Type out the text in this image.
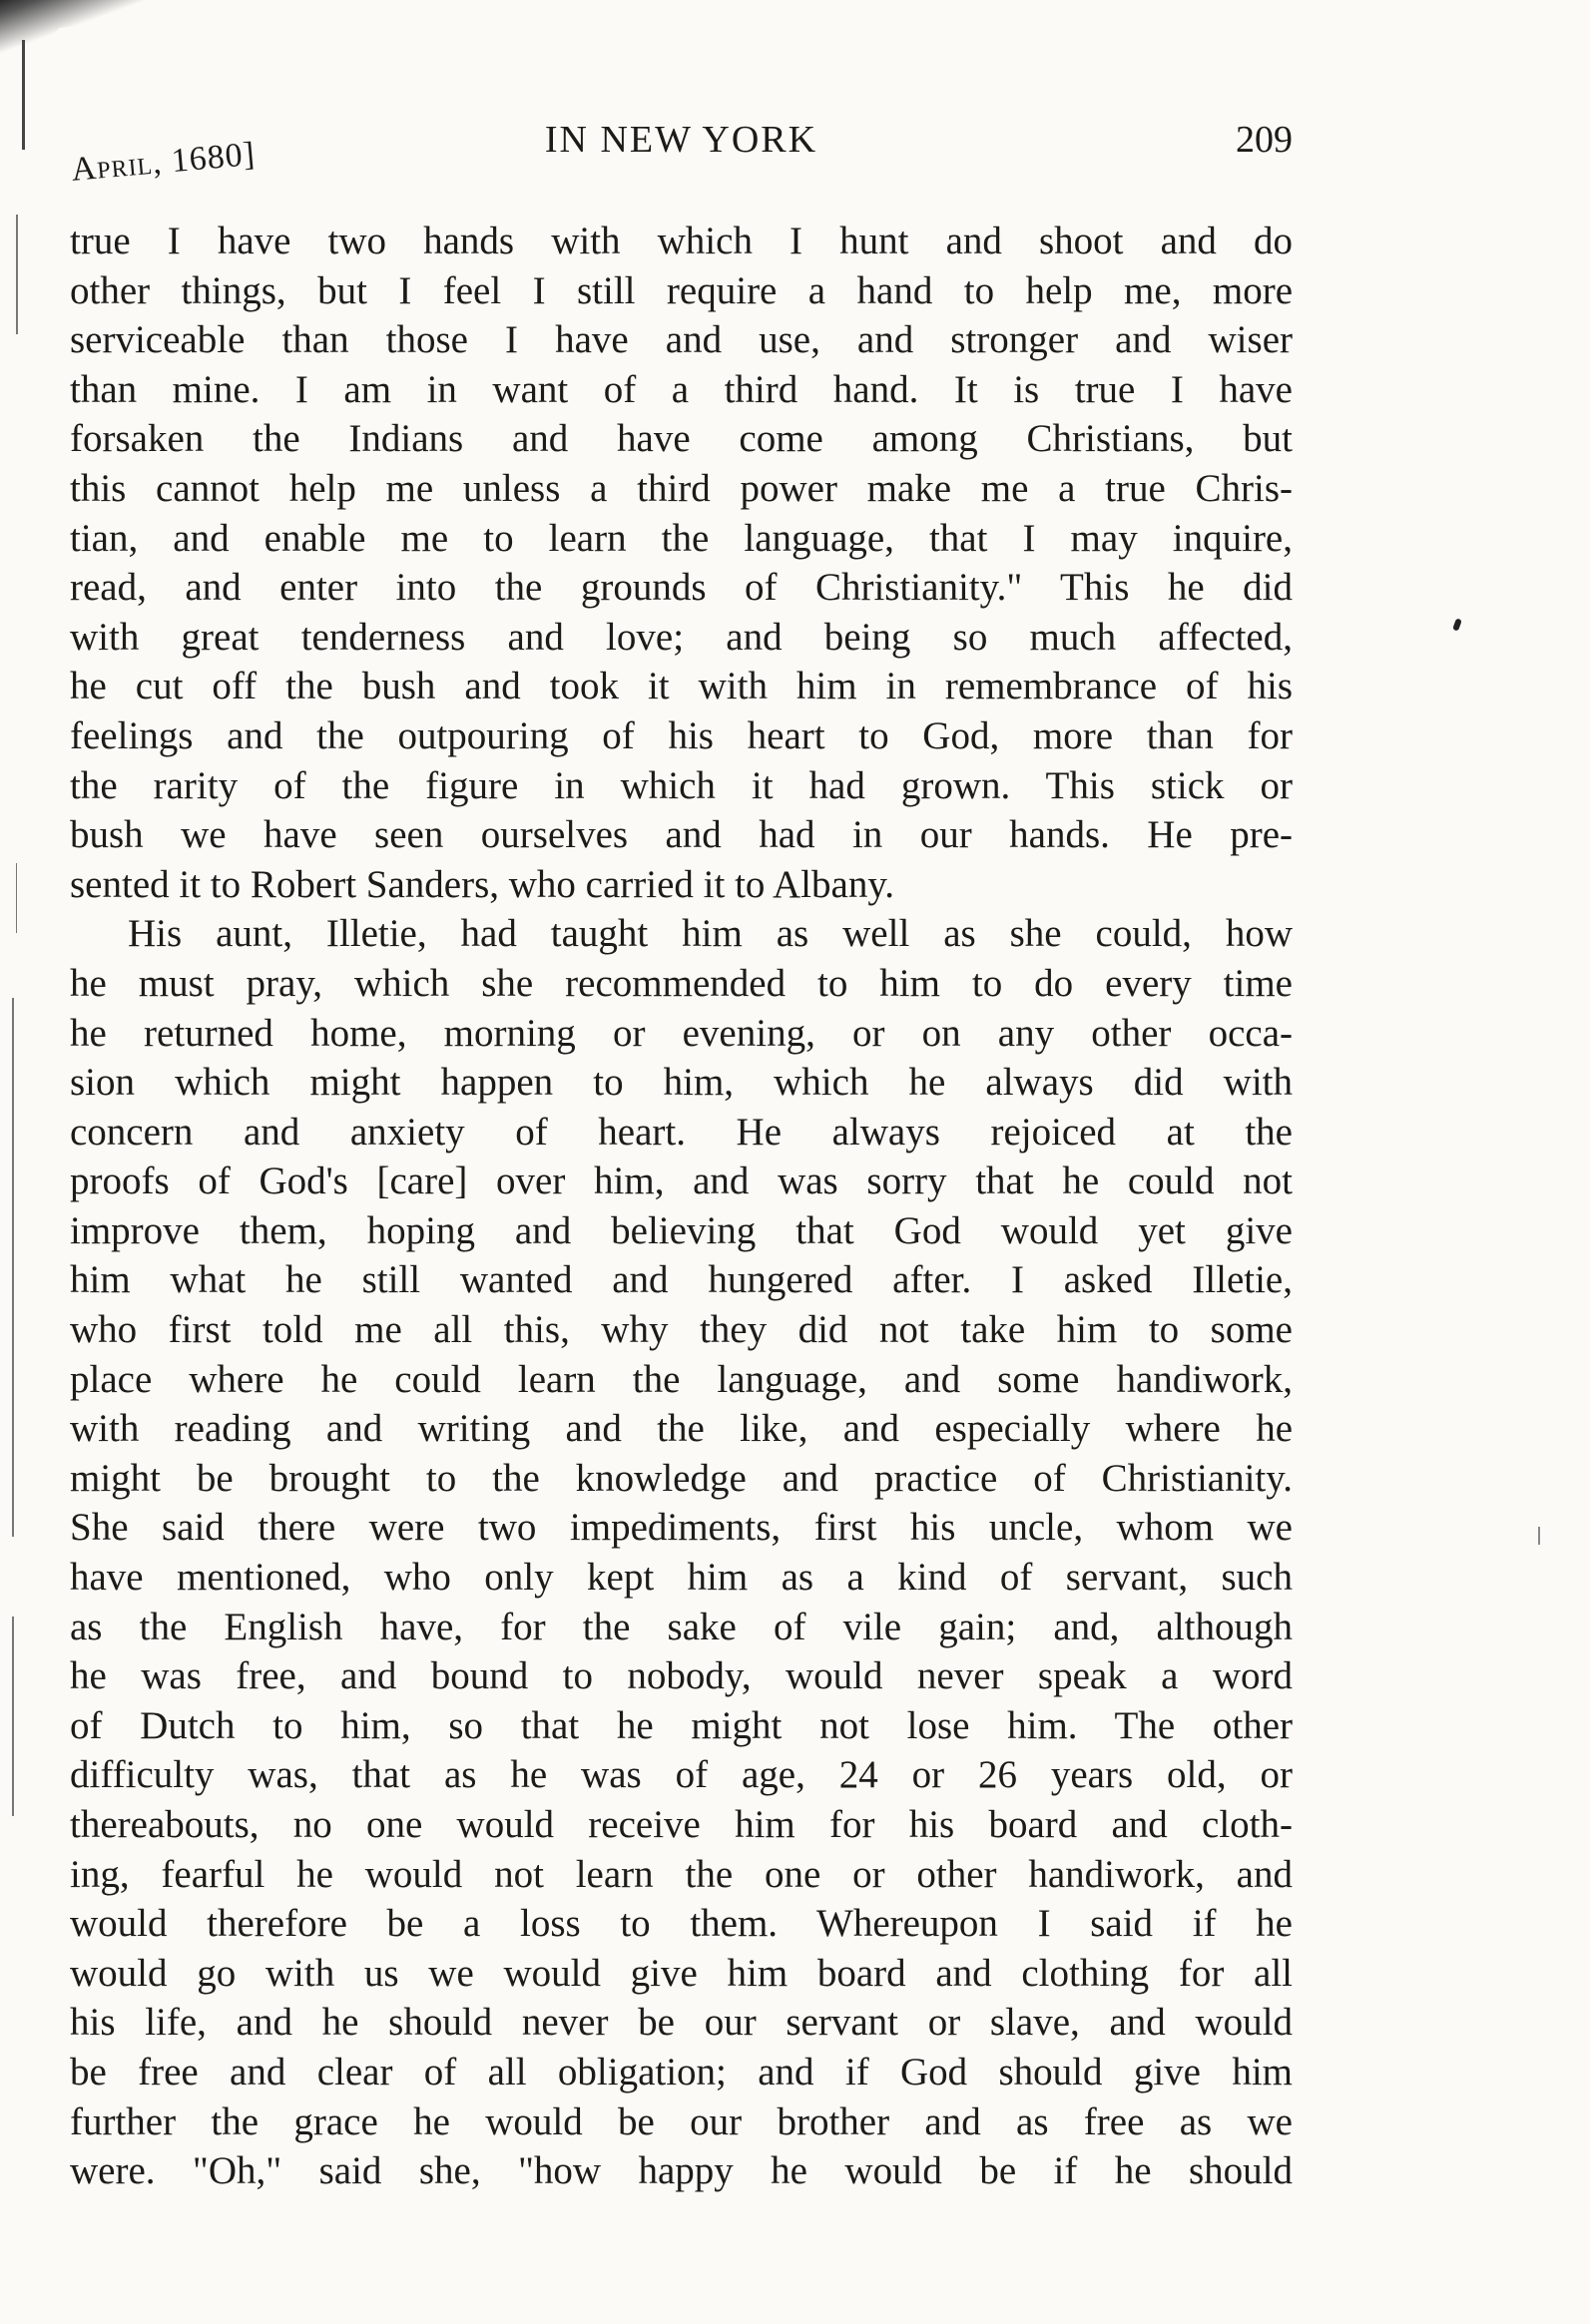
April, 1680]	IN NEW YORK	209
true I have two hands with which I hunt and shoot and do
other things, but I feel I still require a hand to help me, more
serviceable than those I have and use, and stronger and wiser
than mine. I am in want of a third hand. It is true I have
forsaken the Indians and have come among Christians, but
this cannot help me unless a third power make me a true Chris-
tian, and enable me to learn the language, that I may inquire,
read, and enter into the grounds of Christianity." This he did
with great tenderness and love; and being so much affected,
he cut off the bush and took it with him in remembrance of his
feelings and the outpouring of his heart to God, more than for
the rarity of the figure in which it had grown. This stick or
bush we have seen ourselves and had in our hands. He pre-
sented it to Robert Sanders, who carried it to Albany.
His aunt, Illetie, had taught him as well as she could, how
he must pray, which she recommended to him to do every time
he returned home, morning or evening, or on any other occa-
sion which might happen to him, which he always did with
concern and anxiety of heart. He always rejoiced at the
proofs of God's [care] over him, and was sorry that he could not
improve them, hoping and believing that God would yet give
him what he still wanted and hungered after. I asked Illetie,
who first told me all this, why they did not take him to some
place where he could learn the language, and some handiwork,
with reading and writing and the like, and especially where he
might be brought to the knowledge and practice of Christianity.
She said there were two impediments, first his uncle, whom we
have mentioned, who only kept him as a kind of servant, such
as the English have, for the sake of vile gain; and, although
he was free, and bound to nobody, would never speak a word
of Dutch to him, so that he might not lose him. The other
difficulty was, that as he was of age, 24 or 26 years old, or
thereabouts, no one would receive him for his board and cloth-
ing, fearful he would not learn the one or other handiwork, and
would therefore be a loss to them. Whereupon I said if he
would go with us we would give him board and clothing for all
his life, and he should never be our servant or slave, and would
be free and clear of all obligation; and if God should give him
further the grace he would be our brother and as free as we
were. "Oh," said she, "how happy he would be if he should
